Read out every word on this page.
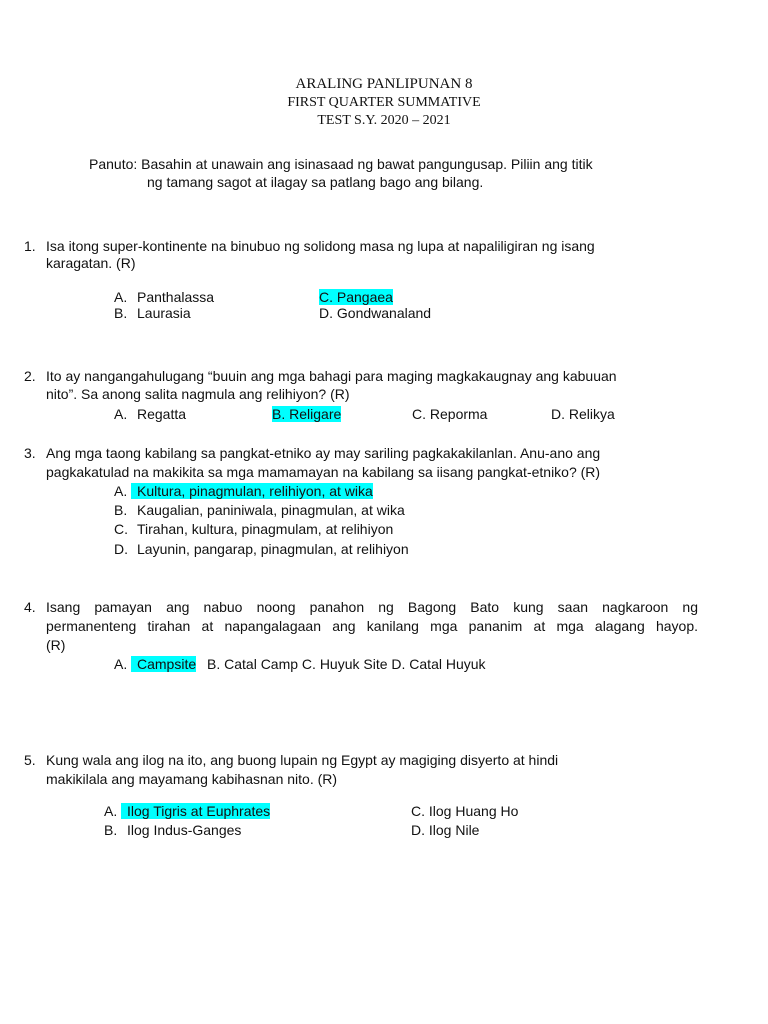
ARALING PANLIPUNAN 8
FIRST QUARTER SUMMATIVE
TEST S.Y. 2020 – 2021
Panuto: Basahin at unawain ang isinasaad ng bawat pangungusap. Piliin ang titik
ng tamang sagot at ilagay sa patlang bago ang bilang.
1. Isa itong super-kontinente na binubuo ng solidong masa ng lupa at napaliligiran ng isang
karagatan. (R)
A. Panthalassa	C. Pangaea
B. Laurasia	D. Gondwanaland
2. Ito ay nangangahulugang “buuin ang mga bahagi para maging magkakaugnay ang kabuuan
nito”. Sa anong salita nagmula ang relihiyon? (R)
A. Regatta	B. Religare	C. Reporma	D. Relikya
3. Ang mga taong kabilang sa pangkat-etniko ay may sariling pagkakakilanlan. Anu-ano ang
pagkakatulad na makikita sa mga mamamayan na kabilang sa iisang pangkat-etniko? (R)
A. Kultura, pinagmulan, relihiyon, at wika
B. Kaugalian, paniniwala, pinagmulan, at wika
C. Tirahan, kultura, pinagmulam, at relihiyon
D. Layunin, pangarap, pinagmulan, at relihiyon
4. Isang pamayan ang nabuo noong panahon ng Bagong Bato kung saan nagkaroon ng
permanenteng tirahan at napangalagaan ang kanilang mga pananim at mga alagang hayop.
(R)
A. Campsite B. Catal Camp C. Huyuk Site D. Catal Huyuk
5. Kung wala ang ilog na ito, ang buong lupain ng Egypt ay magiging disyerto at hindi
makikilala ang mayamang kabihasnan nito. (R)
A. Ilog Tigris at Euphrates	C. Ilog Huang Ho
B. Ilog Indus-Ganges	D. Ilog Nile
